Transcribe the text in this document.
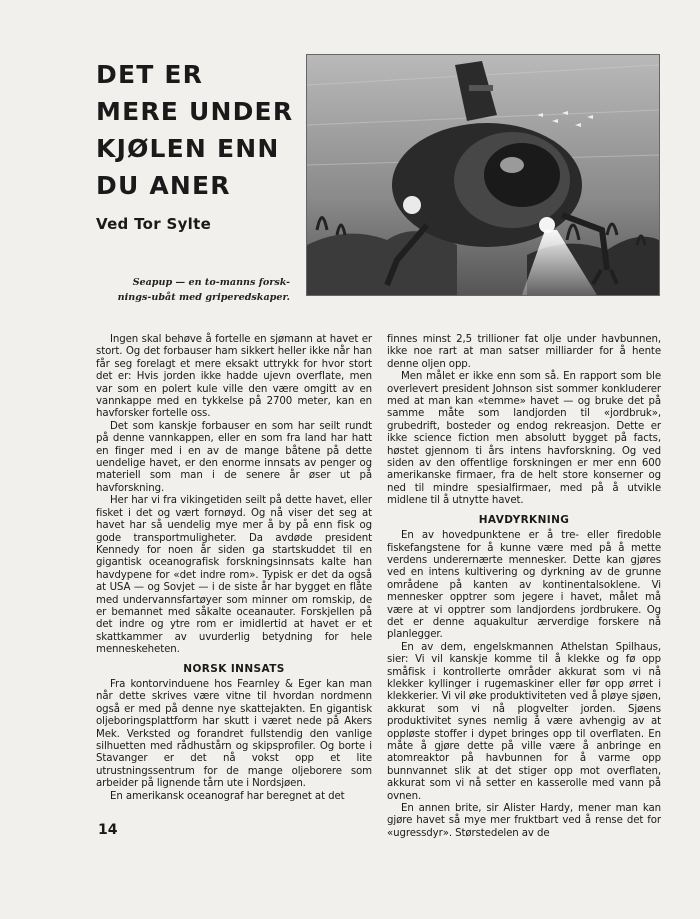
DET ER
MERE UNDER
KJØLEN ENN
DU ANER
Ved Tor Sylte
Seapup — en to-manns forsk-
nings-ubåt med griperedskaper.

Ingen skal behøve å fortelle en sjømann at havet er stort. Og det forbauser ham sikkert heller ikke når han får seg forelagt et mere eksakt uttrykk for hvor stort det er: Hvis jorden ikke hadde ujevn overflate, men var som en polert kule ville den være omgitt av en vannkappe med en tykkelse på 2700 meter, kan en havforsker fortelle oss.

Det som kanskje forbauser en som har seilt rundt på denne vannkappen, eller en som fra land har hatt en finger med i en av de mange båtene på dette uendelige havet, er den enorme innsats av penger og materiell som man i de senere år øser ut på havforskning.

Her har vi fra vikingetiden seilt på dette havet, eller fisket i det og vært fornøyd. Og nå viser det seg at havet har så uendelig mye mer å by på enn fisk og gode transportmuligheter. Da avdøde president Kennedy for noen år siden ga startskuddet til en gigantisk oceanografisk forskningsinnsats kalte han havdypene for «det indre rom». Typisk er det da også at USA — og Sovjet — i de siste år har bygget en flåte med undervannsfartøyer som minner om romskip, de er bemannet med såkalte oceanauter. Forskjellen på det indre og ytre rom er imidlertid at havet er et skattkammer av uvurderlig betydning for hele menneskeheten.

NORSK INNSATS

Fra kontorvinduene hos Fearnley & Eger kan man når dette skrives være vitne til hvordan nordmenn også er med på denne nye skattejakten. En gigantisk oljeboringsplattform har skutt i været nede på Akers Mek. Verksted og forandret fullstendig den vanlige silhuetten med rådhustårn og skipsprofiler. Og borte i Stavanger er det nå vokst opp et lite utrustningssentrum for de mange oljeborere som arbeider på lignende tårn ute i Nordsjøen.

En amerikansk oceanograf har beregnet at det

finnes minst 2,5 trillioner fat olje under havbunnen, ikke noe rart at man satser milliarder for å hente denne oljen opp.

Men målet er ikke enn som så. En rapport som ble overlevert president Johnson sist sommer konkluderer med at man kan «temme» havet — og bruke det på samme måte som landjorden til «jordbruk», grubedrift, bosteder og endog rekreasjon. Dette er ikke science fiction men absolutt bygget på facts, høstet gjennom ti års intens havforskning. Og ved siden av den offentlige forskningen er mer enn 600 amerikanske firmaer, fra de helt store konserner og ned til mindre spesialfirmaer, med på å utvikle midlene til å utnytte havet.

HAVDYRKNING

En av hovedpunktene er å tre- eller firedoble fiskefangstene for å kunne være med på å mette verdens underernærte mennesker. Dette kan gjøres ved en intens kultivering og dyrkning av de grunne områdene på kanten av kontinentalsoklene. Vi mennesker opptrer som jegere i havet, målet må være at vi opptrer som landjordens jordbrukere. Og det er denne aquakultur ærverdige forskere nå planlegger.

En av dem, engelskmannen Athelstan Spilhaus, sier: Vi vil kanskje komme til å klekke og fø opp småfisk i kontrollerte områder akkurat som vi nå klekker kyllinger i rugemaskiner eller før opp ørret i klekkerier. Vi vil øke produktiviteten ved å pløye sjøen, akkurat som vi nå plogvelter jorden. Sjøens produktivitet synes nemlig å være avhengig av at oppløste stoffer i dypet bringes opp til overflaten. En måte å gjøre dette på ville være å anbringe en atomreaktor på havbunnen for å varme opp bunnvannet slik at det stiger opp mot overflaten, akkurat som vi nå setter en kasserolle med vann på ovnen.

En annen brite, sir Alister Hardy, mener man kan gjøre havet så mye mer fruktbart ved å rense det for «ugressdyr». Størstedelen av de

14
